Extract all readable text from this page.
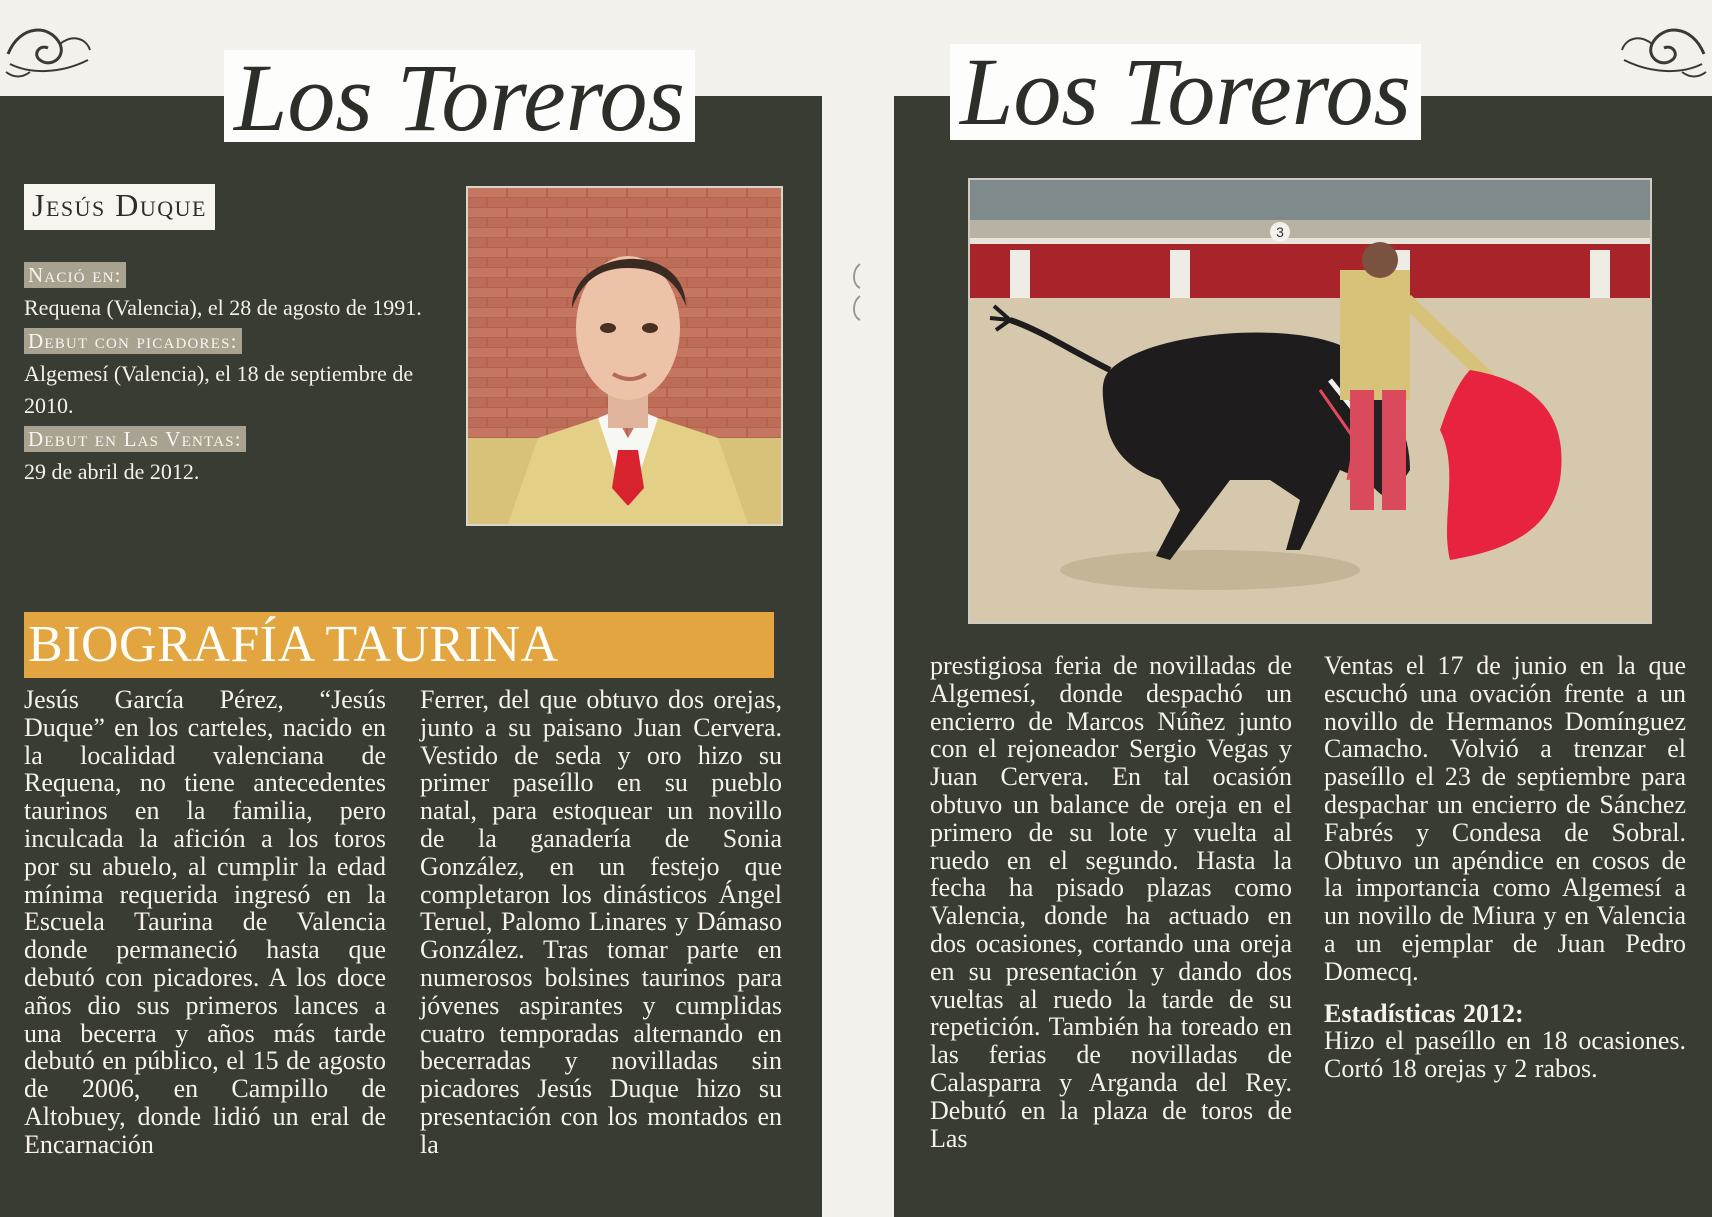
Los Toreros
Jesús Duque
Nació en:
Requena (Valencia), el 28 de agosto de 1991.
Debut con picadores:
Algemesí (Valencia), el 18 de septiembre de 2010.
Debut en Las Ventas:
29 de abril de 2012.
BIOGRAFÍA TAURINA
Jesús García Pérez, “Jesús Duque” en los carteles, nacido en la localidad valenciana de Requena, no tiene antecedentes taurinos en la familia, pero inculcada la afición a los toros por su abuelo, al cumplir la edad mínima requerida ingresó en la Escuela Taurina de Valencia donde permaneció hasta que debutó con picadores. A los doce años dio sus primeros lances a una becerra y años más tarde debutó en público, el 15 de agosto de 2006, en Campillo de Altobuey, donde lidió un eral de Encarnación
Ferrer, del que obtuvo dos orejas, junto a su paisano Juan Cervera. Vestido de seda y oro hizo su primer paseíllo en su pueblo natal, para estoquear un novillo de la ganadería de Sonia González, en un festejo que completaron los dinásticos Ángel Teruel, Palomo Linares y Dámaso González. Tras tomar parte en numerosos bolsines taurinos para jóvenes aspirantes y cumplidas cuatro temporadas alternando en becerradas y novilladas sin picadores Jesús Duque hizo su presentación con los montados en la
Los Toreros
3
prestigiosa feria de novilladas de Algemesí, donde despachó un encierro de Marcos Núñez junto con el rejoneador Sergio Vegas y Juan Cervera. En tal ocasión obtuvo un balance de oreja en el primero de su lote y vuelta al ruedo en el segundo. Hasta la fecha ha pisado plazas como Valencia, donde ha actuado en dos ocasiones, cortando una oreja en su presentación y dando dos vueltas al ruedo la tarde de su repetición. También ha toreado en las ferias de novilladas de Calasparra y Arganda del Rey. Debutó en la plaza de toros de Las
Ventas el 17 de junio en la que escuchó una ovación frente a un novillo de Hermanos Domínguez Camacho. Volvió a trenzar el paseíllo el 23 de septiembre para despachar un encierro de Sánchez Fabrés y Condesa de Sobral. Obtuvo un apéndice en cosos de la importancia como Algemesí a un novillo de Miura y en Valencia a un ejemplar de Juan Pedro Domecq.
Estadísticas 2012:
Hizo el paseíllo en 18 ocasiones. Cortó 18 orejas y 2 rabos.
